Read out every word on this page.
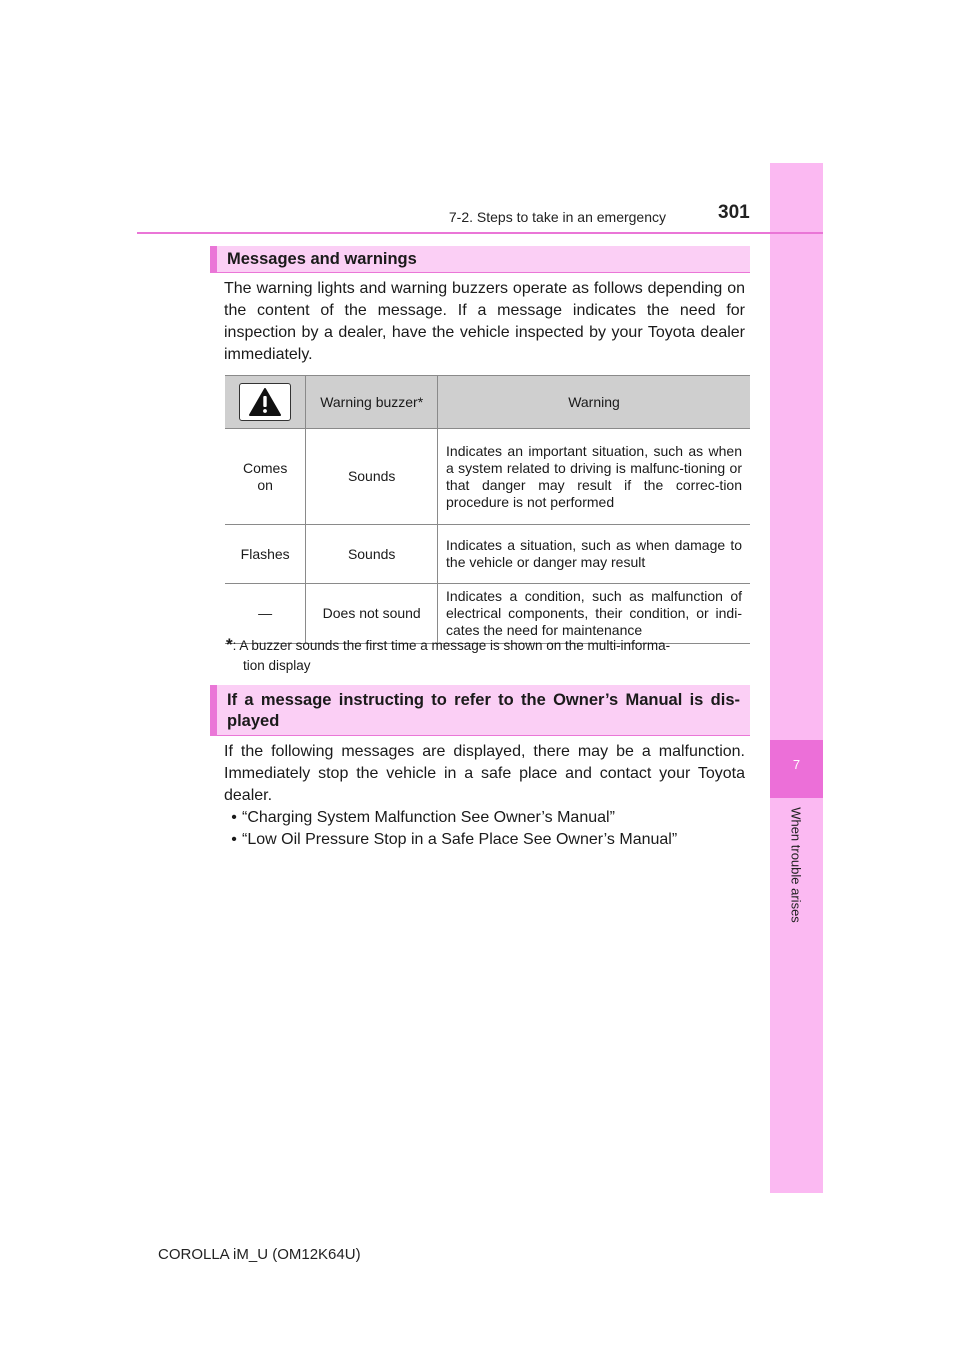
7
When trouble arises
7-2. Steps to take in an emergency	301
Messages and warnings

The warning lights and warning buzzers operate as follows depending on the content of the message. If a message indicates the need for inspection by a dealer, have the vehicle inspected by your Toyota dealer immediately.

	Warning buzzer*	Warning
Comes on	Sounds	Indicates an important situation, such as when a system related to driving is malfunc-tioning or that danger may result if the correc-tion procedure is not performed
Flashes	Sounds	Indicates a situation, such as when damage to the vehicle or danger may result
—	Does not sound	Indicates a condition, such as malfunction of electrical components, their condition, or indi-cates the need for maintenance
*: A buzzer sounds the first time a message is shown on the multi-informa-
tion display
If a message instructing to refer to the Owner’s Manual is dis-played

If the following messages are displayed, there may be a malfunction. Immediately stop the vehicle in a safe place and contact your Toyota dealer.

• “Charging System Malfunction See Owner’s Manual”
• “Low Oil Pressure Stop in a Safe Place See Owner’s Manual”
COROLLA iM_U (OM12K64U)
